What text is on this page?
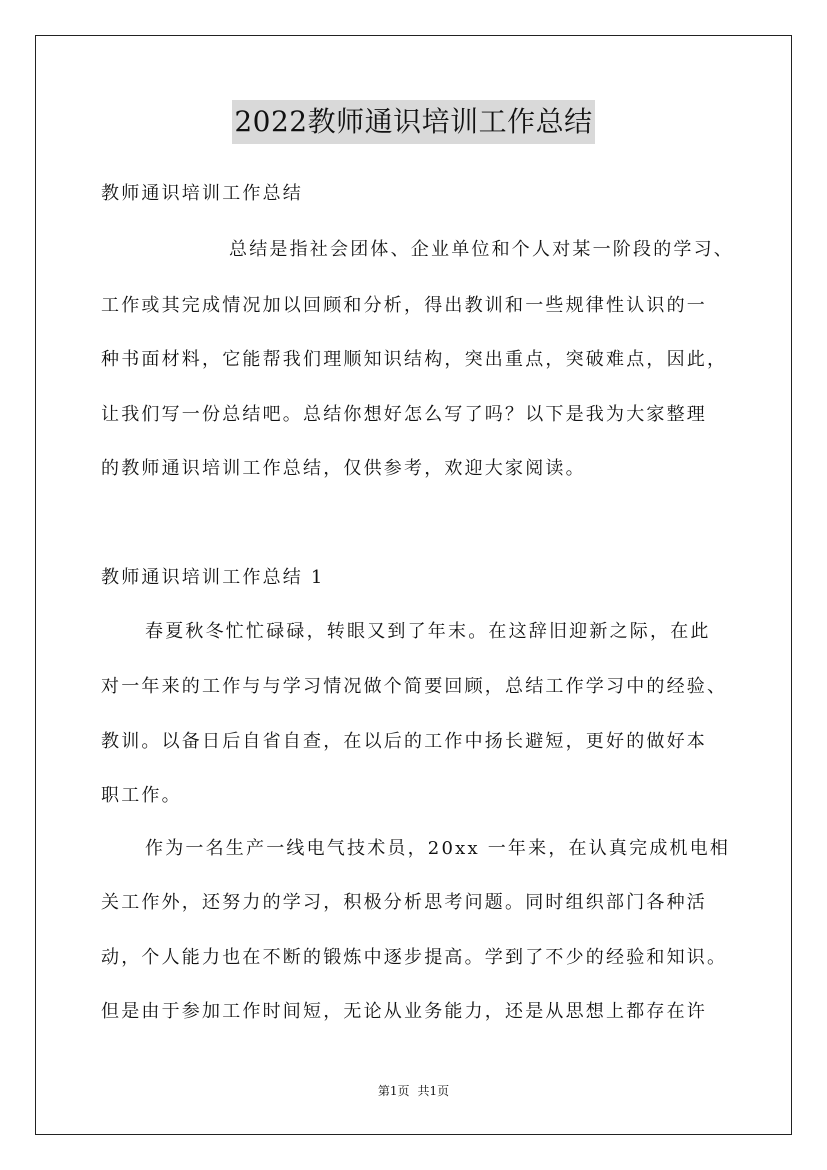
2022教师通识培训工作总结
教师通识培训工作总结
总结是指社会团体、企业单位和个人对某一阶段的学习、
工作或其完成情况加以回顾和分析，得出教训和一些规律性认识的一
种书面材料，它能帮我们理顺知识结构，突出重点，突破难点，因此，
让我们写一份总结吧。总结你想好怎么写了吗？以下是我为大家整理
的教师通识培训工作总结，仅供参考，欢迎大家阅读。
教师通识培训工作总结 1
春夏秋冬忙忙碌碌，转眼又到了年末。在这辞旧迎新之际，在此
对一年来的工作与与学习情况做个简要回顾，总结工作学习中的经验、
教训。以备日后自省自查，在以后的工作中扬长避短，更好的做好本
职工作。
作为一名生产一线电气技术员，20xx 一年来，在认真完成机电相
关工作外，还努力的学习，积极分析思考问题。同时组织部门各种活
动，个人能力也在不断的锻炼中逐步提高。学到了不少的经验和知识。
但是由于参加工作时间短，无论从业务能力，还是从思想上都存在许
第1页 共1页
